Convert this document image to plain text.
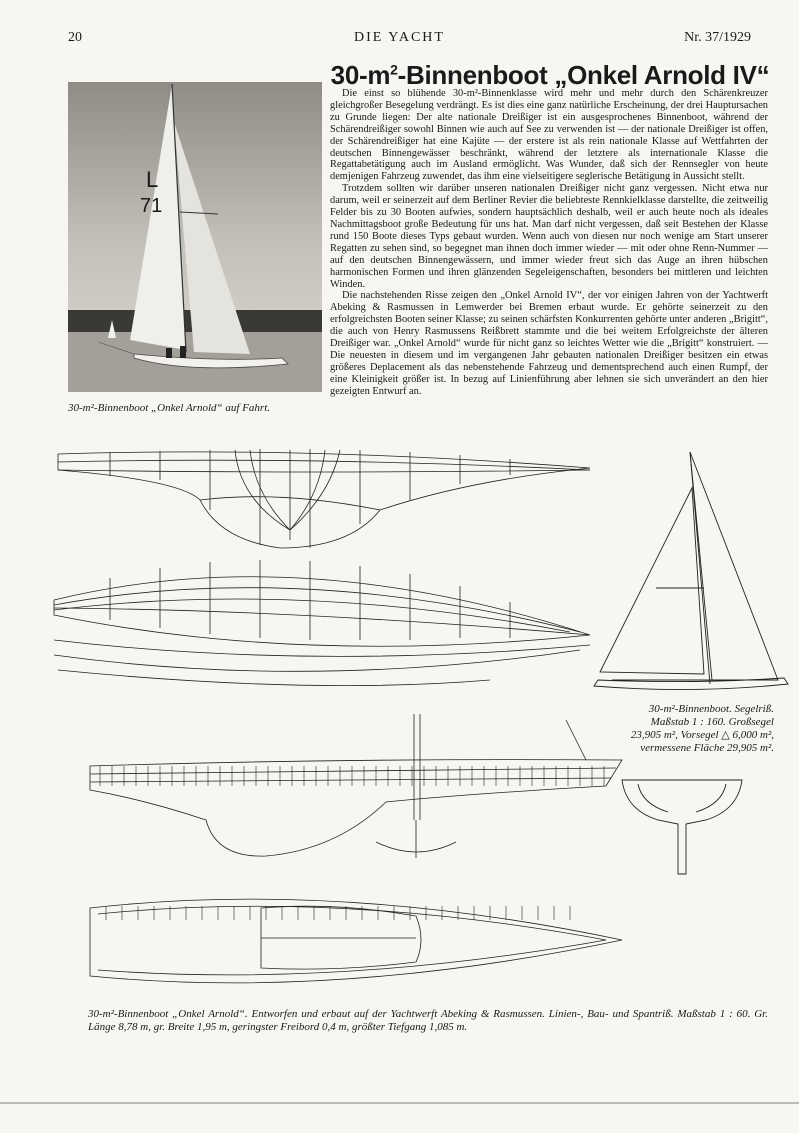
20	DIE YACHT	Nr. 37/1929
$30-m^2$-Binnenboot „Onkel Arnold IV“
L
71
30-m²-Binnenboot „Onkel Arnold“ auf Fahrt.

Die einst so blühende 30-m²-Binnenklasse wird mehr und mehr durch den Schärenkreuzer gleichgroßer Besegelung verdrängt. Es ist dies eine ganz natürliche Erscheinung, der drei Hauptursachen zu Grunde liegen: Der alte nationale Dreißiger ist ein ausgesprochenes Binnenboot, während der Schärendreißiger sowohl Binnen wie auch auf See zu verwenden ist — der nationale Dreißiger ist offen, der Schärendreißiger hat eine Kajüte — der erstere ist als rein nationale Klasse auf Wettfahrten der deutschen Binnengewässer beschränkt, während der letztere als internationale Klasse die Regattabetätigung auch im Ausland ermöglicht. Was Wunder, daß sich der Rennsegler von heute demjenigen Fahrzeug zuwendet, das ihm eine vielseitigere seglerische Betätigung in Aussicht stellt.

Trotzdem sollten wir darüber unseren nationalen Dreißiger nicht ganz vergessen. Nicht etwa nur darum, weil er seinerzeit auf dem Berliner Revier die beliebteste Rennkielklasse darstellte, die zeitweilig Felder bis zu 30 Booten aufwies, sondern hauptsächlich deshalb, weil er auch heute noch als ideales Nachmittagsboot große Bedeutung für uns hat. Man darf nicht vergessen, daß seit Bestehen der Klasse rund 150 Boote dieses Typs gebaut wurden. Wenn auch von diesen nur noch wenige am Start unserer Regatten zu sehen sind, so begegnet man ihnen doch immer wieder — mit oder ohne Renn-Nummer — auf den deutschen Binnengewässern, und immer wieder freut sich das Auge an ihren hübschen harmonischen Formen und ihren glänzenden Segeleigenschaften, besonders bei mittleren und leichten Winden.

Die nachstehenden Risse zeigen den „Onkel Arnold IV“, der vor einigen Jahren von der Yachtwerft Abeking & Rasmussen in Lemwerder bei Bremen erbaut wurde. Er gehörte seinerzeit zu den erfolgreichsten Booten seiner Klasse; zu seinen schärfsten Konkurrenten gehörte unter anderen „Brigitt“, die auch von Henry Rasmussens Reißbrett stammte und die bei weitem Erfolgreichste der älteren Dreißiger war. „Onkel Arnold“ wurde für nicht ganz so leichtes Wetter wie die „Brigitt“ konstruiert. — Die neuesten in diesem und im vergangenen Jahr gebauten nationalen Dreißiger besitzen ein etwas größeres Deplacement als das nebenstehende Fahrzeug und dementsprechend auch einen Rumpf, der eine Kleinigkeit größer ist. In bezug auf Linienführung aber lehnen sie sich unverändert an den hier gezeigten Entwurf an.

30-m²-Binnenboot. Segelriß. Maßstab 1 : 160. Großsegel 23,905 m², Vorsegel △ 6,000 m², vermessene Fläche 29,905 m².
30-m²-Binnenboot „Onkel Arnold“. Entworfen und erbaut auf der Yachtwerft Abeking & Rasmussen. Linien-, Bau- und Spantriß. Maßstab 1 : 60. Gr. Länge 8,78 m, gr. Breite 1,95 m, geringster Freibord 0,4 m, größter Tiefgang 1,085 m.
